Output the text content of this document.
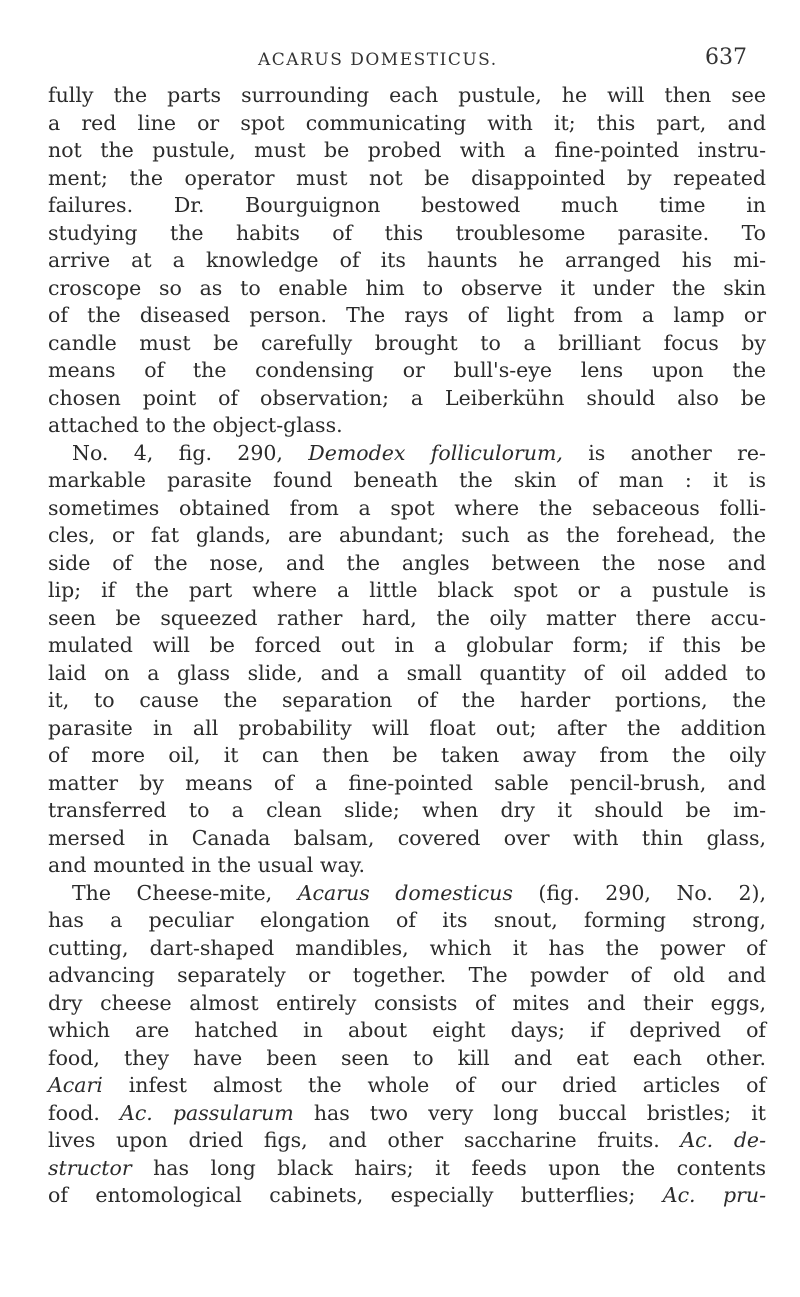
ACARUS DOMESTICUS.	637
fully the parts surrounding each pustule, he will then see
a red line or spot communicating with it; this part, and
not the pustule, must be probed with a fine-pointed instru-
ment; the operator must not be disappointed by repeated
failures. Dr. Bourguignon bestowed much time in
studying the habits of this troublesome parasite. To
arrive at a knowledge of its haunts he arranged his mi-
croscope so as to enable him to observe it under the skin
of the diseased person. The rays of light from a lamp or
candle must be carefully brought to a brilliant focus by
means of the condensing or bull's-eye lens upon the
chosen point of observation; a Leiberkühn should also be
attached to the object-glass.
No. 4, fig. 290, Demodex folliculorum, is another re-
markable parasite found beneath the skin of man : it is
sometimes obtained from a spot where the sebaceous folli-
cles, or fat glands, are abundant; such as the forehead, the
side of the nose, and the angles between the nose and
lip; if the part where a little black spot or a pustule is
seen be squeezed rather hard, the oily matter there accu-
mulated will be forced out in a globular form; if this be
laid on a glass slide, and a small quantity of oil added to
it, to cause the separation of the harder portions, the
parasite in all probability will float out; after the addition
of more oil, it can then be taken away from the oily
matter by means of a fine-pointed sable pencil-brush, and
transferred to a clean slide; when dry it should be im-
mersed in Canada balsam, covered over with thin glass,
and mounted in the usual way.
The Cheese-mite, Acarus domesticus (fig. 290, No. 2),
has a peculiar elongation of its snout, forming strong,
cutting, dart-shaped mandibles, which it has the power of
advancing separately or together. The powder of old and
dry cheese almost entirely consists of mites and their eggs,
which are hatched in about eight days; if deprived of
food, they have been seen to kill and eat each other.
Acari infest almost the whole of our dried articles of
food. Ac. passularum has two very long buccal bristles; it
lives upon dried figs, and other saccharine fruits. Ac. de-
structor has long black hairs; it feeds upon the contents
of entomological cabinets, especially butterflies; Ac. pru-
